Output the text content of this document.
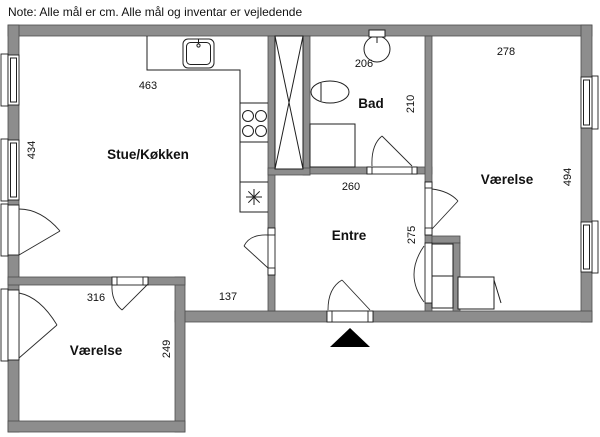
Note: Alle mål er cm. Alle mål og inventar er vejledende
Stue/Køkken
Bad
Værelse
Entre
Værelse
463
434
206
210
278
494
260
275
137
316
249
